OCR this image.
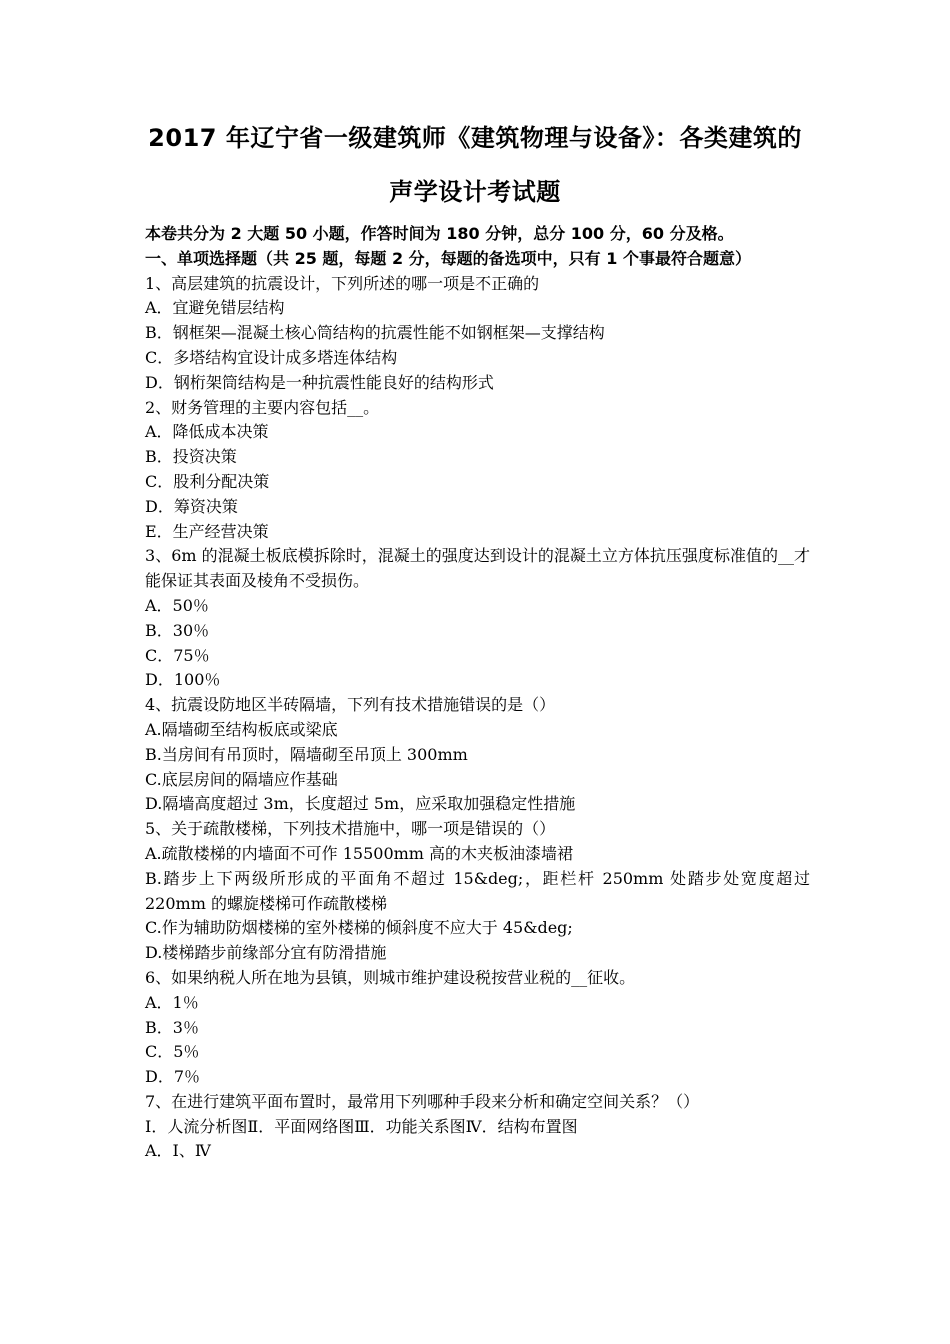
2017 年辽宁省一级建筑师《建筑物理与设备》：各类建筑的
声学设计考试题
本卷共分为 2 大题 50 小题，作答时间为 180 分钟，总分 100 分，60 分及格。
一、单项选择题（共 25 题，每题 2 分，每题的备选项中，只有 1 个事最符合题意）
1、高层建筑的抗震设计，下列所述的哪一项是不正确的
A．宜避免错层结构
B．钢框架—混凝土核心筒结构的抗震性能不如钢框架—支撑结构
C．多塔结构宜设计成多塔连体结构
D．钢桁架筒结构是一种抗震性能良好的结构形式
2、财务管理的主要内容包括__。
A．降低成本决策
B．投资决策
C．股利分配决策
D．筹资决策
E．生产经营决策
3、6m 的混凝土板底模拆除时，混凝土的强度达到设计的混凝土立方体抗压强度标准值的__才能保证其表面及棱角不受损伤。
A．50％
B．30％
C．75％
D．100％
4、抗震设防地区半砖隔墙，下列有技术措施错误的是（）
A.隔墙砌至结构板底或梁底
B.当房间有吊顶时，隔墙砌至吊顶上 300mm
C.底层房间的隔墙应作基础
D.隔墙高度超过 3m，长度超过 5m，应采取加强稳定性措施
5、关于疏散楼梯，下列技术措施中，哪一项是错误的（）
A.疏散楼梯的内墙面不可作 15500mm 高的木夹板油漆墙裙
B.踏步上下两级所形成的平面角不超过 15&deg;，距栏杆 250mm 处踏步处宽度超过 220mm 的螺旋楼梯可作疏散楼梯
C.作为辅助防烟楼梯的室外楼梯的倾斜度不应大于 45&deg;
D.楼梯踏步前缘部分宜有防滑措施
6、如果纳税人所在地为县镇，则城市维护建设税按营业税的__征收。
A．1％
B．3％
C．5％
D．7％
7、在进行建筑平面布置时，最常用下列哪种手段来分析和确定空间关系？（）
Ⅰ．人流分析图Ⅱ．平面网络图Ⅲ．功能关系图Ⅳ．结构布置图
A．Ⅰ、Ⅳ
